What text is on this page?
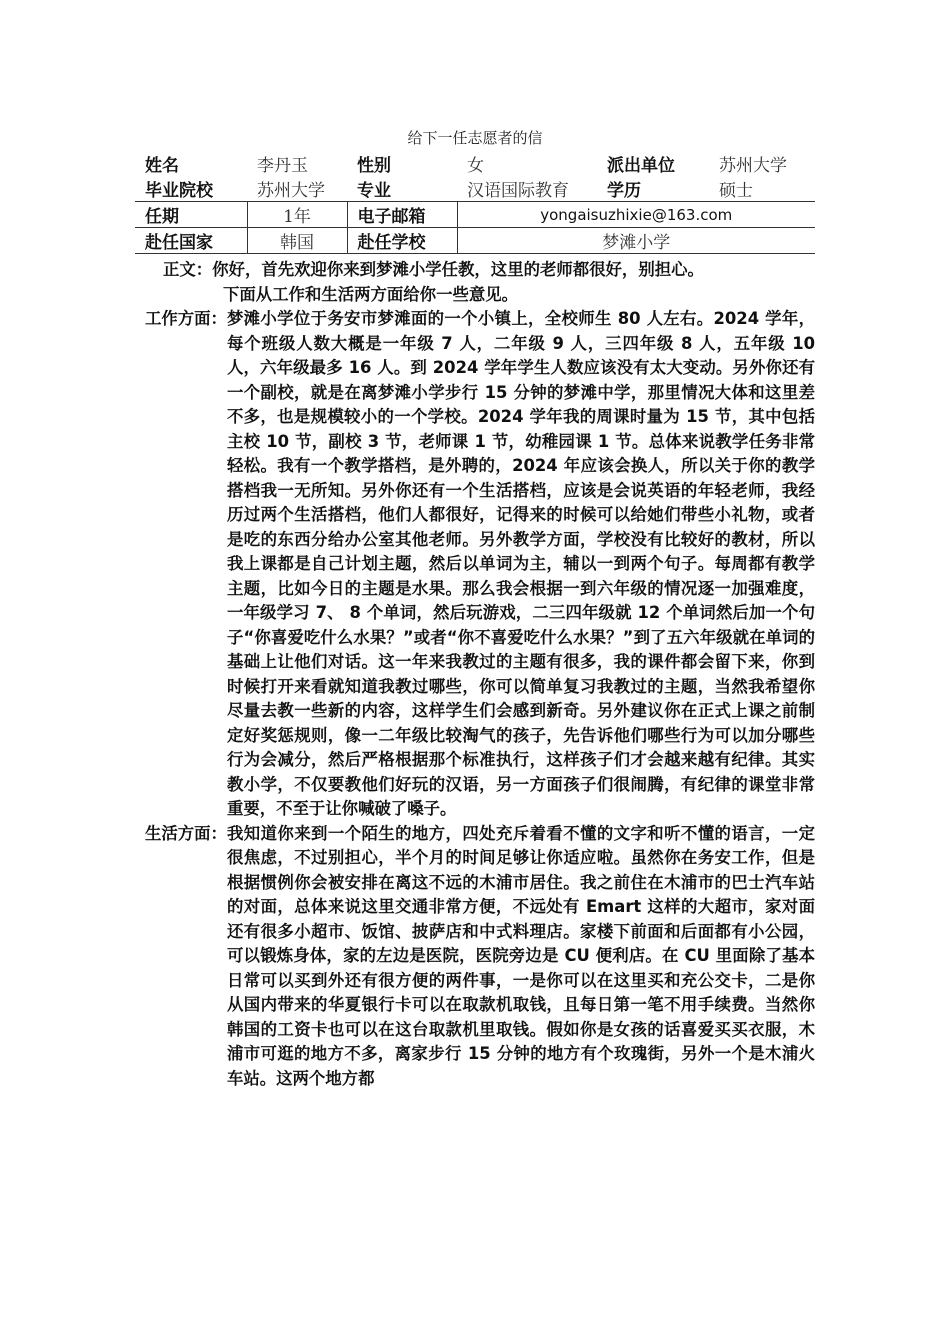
给下一任志愿者的信
姓名	李丹玉	性别	女	派出单位	苏州大学
毕业院校	苏州大学	专业	汉语国际教育	学历	硕士
任期	1年	电子邮箱	yongaisuzhixie@163.com		
赴任国家	韩国	赴任学校	梦滩小学		

正文：你好，首先欢迎你来到梦滩小学任教，这里的老师都很好，别担心。
下面从工作和生活两方面给你一些意见。

工作方面： 梦滩小学位于务安市梦滩面的一个小镇上，全校师生 80 人左右。2024 学年，每个班级人数大概是一年级 7 人，二年级 9 人，三四年级 8 人，五年级 10 人，六年级最多 16 人。到 2024 学年学生人数应该没有太大变动。另外你还有一个副校，就是在离梦滩小学步行 15 分钟的梦滩中学，那里情况大体和这里差不多，也是规模较小的一个学校。2024 学年我的周课时量为 15 节，其中包括主校 10 节，副校 3 节，老师课 1 节，幼稚园课 1 节。总体来说教学任务非常轻松。我有一个教学搭档，是外聘的，2024 年应该会换人，所以关于你的教学搭档我一无所知。另外你还有一个生活搭档，应该是会说英语的年轻老师，我经历过两个生活搭档，他们人都很好，记得来的时候可以给她们带些小礼物，或者是吃的东西分给办公室其他老师。另外教学方面，学校没有比较好的教材，所以我上课都是自己计划主题，然后以单词为主，辅以一到两个句子。每周都有教学主题，比如今日的主题是水果。那么我会根据一到六年级的情况逐一加强难度，一年级学习 7、 8 个单词，然后玩游戏，二三四年级就 12 个单词然后加一个句子“你喜爱吃什么水果？”或者“你不喜爱吃什么水果？”到了五六年级就在单词的基础上让他们对话。这一年来我教过的主题有很多，我的课件都会留下来，你到时候打开来看就知道我教过哪些，你可以简单复习我教过的主题，当然我希望你尽量去教一些新的内容，这样学生们会感到新奇。另外建议你在正式上课之前制定好奖惩规则，像一二年级比较淘气的孩子，先告诉他们哪些行为可以加分哪些行为会减分，然后严格根据那个标准执行，这样孩子们才会越来越有纪律。其实教小学，不仅要教他们好玩的汉语，另一方面孩子们很闹腾，有纪律的课堂非常重要，不至于让你喊破了嗓子。
生活方面： 我知道你来到一个陌生的地方，四处充斥着看不懂的文字和听不懂的语言，一定很焦虑，不过别担心，半个月的时间足够让你适应啦。虽然你在务安工作，但是根据惯例你会被安排在离这不远的木浦市居住。我之前住在木浦市的巴士汽车站的对面，总体来说这里交通非常方便，不远处有 Emart 这样的大超市，家对面还有很多小超市、饭馆、披萨店和中式料理店。家楼下前面和后面都有小公园，可以锻炼身体，家的左边是医院，医院旁边是 CU 便利店。在 CU 里面除了基本日常可以买到外还有很方便的两件事，一是你可以在这里买和充公交卡，二是你从国内带来的华夏银行卡可以在取款机取钱，且每日第一笔不用手续费。当然你韩国的工资卡也可以在这台取款机里取钱。假如你是女孩的话喜爱买买衣服，木浦市可逛的地方不多，离家步行 15 分钟的地方有个玫瑰街，另外一个是木浦火车站。这两个地方都
